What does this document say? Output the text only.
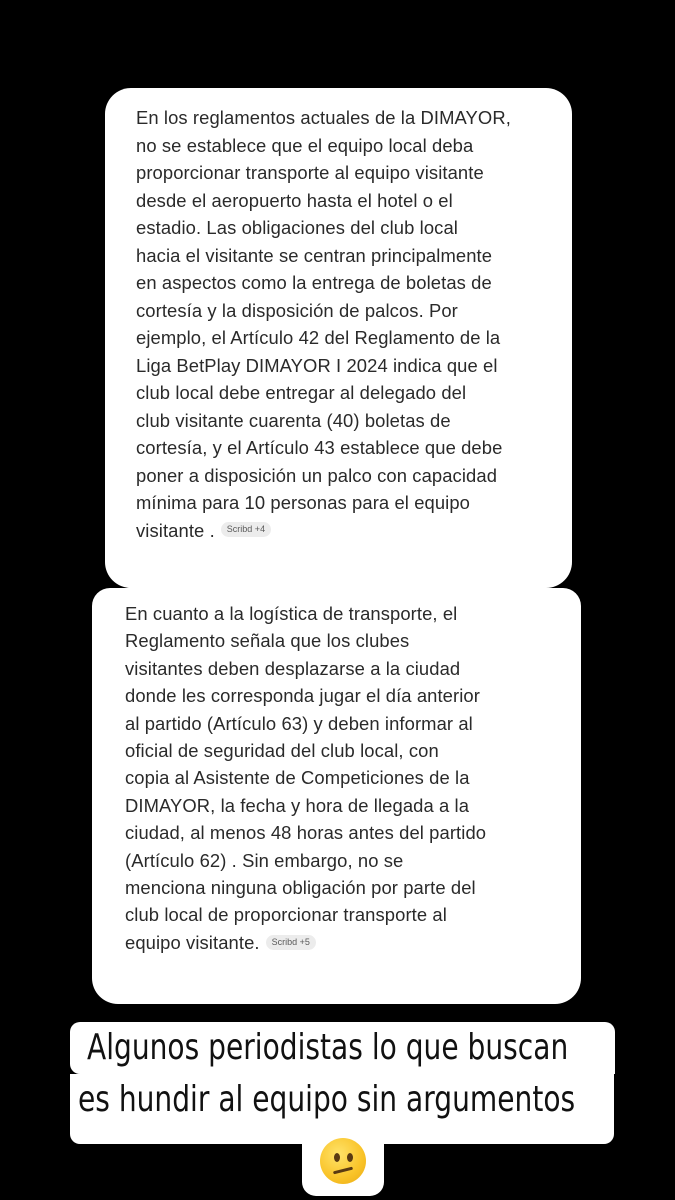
En los reglamentos actuales de la DIMAYOR,
no se establece que el equipo local deba
proporcionar transporte al equipo visitante
desde el aeropuerto hasta el hotel o el
estadio. Las obligaciones del club local
hacia el visitante se centran principalmente
en aspectos como la entrega de boletas de
cortesía y la disposición de palcos. Por
ejemplo, el Artículo 42 del Reglamento de la
Liga BetPlay DIMAYOR I 2024 indica que el
club local debe entregar al delegado del
club visitante cuarenta (40) boletas de
cortesía, y el Artículo 43 establece que debe
poner a disposición un palco con capacidad
mínima para 10 personas para el equipo
visitante . Scribd +4
En cuanto a la logística de transporte, el
Reglamento señala que los clubes
visitantes deben desplazarse a la ciudad
donde les corresponda jugar el día anterior
al partido (Artículo 63) y deben informar al
oficial de seguridad del club local, con
copia al Asistente de Competiciones de la
DIMAYOR, la fecha y hora de llegada a la
ciudad, al menos 48 horas antes del partido
(Artículo 62) . Sin embargo, no se
menciona ninguna obligación por parte del
club local de proporcionar transporte al
equipo visitante. Scribd +5
Algunos periodistas lo que buscan
es hundir al equipo sin argumentos
